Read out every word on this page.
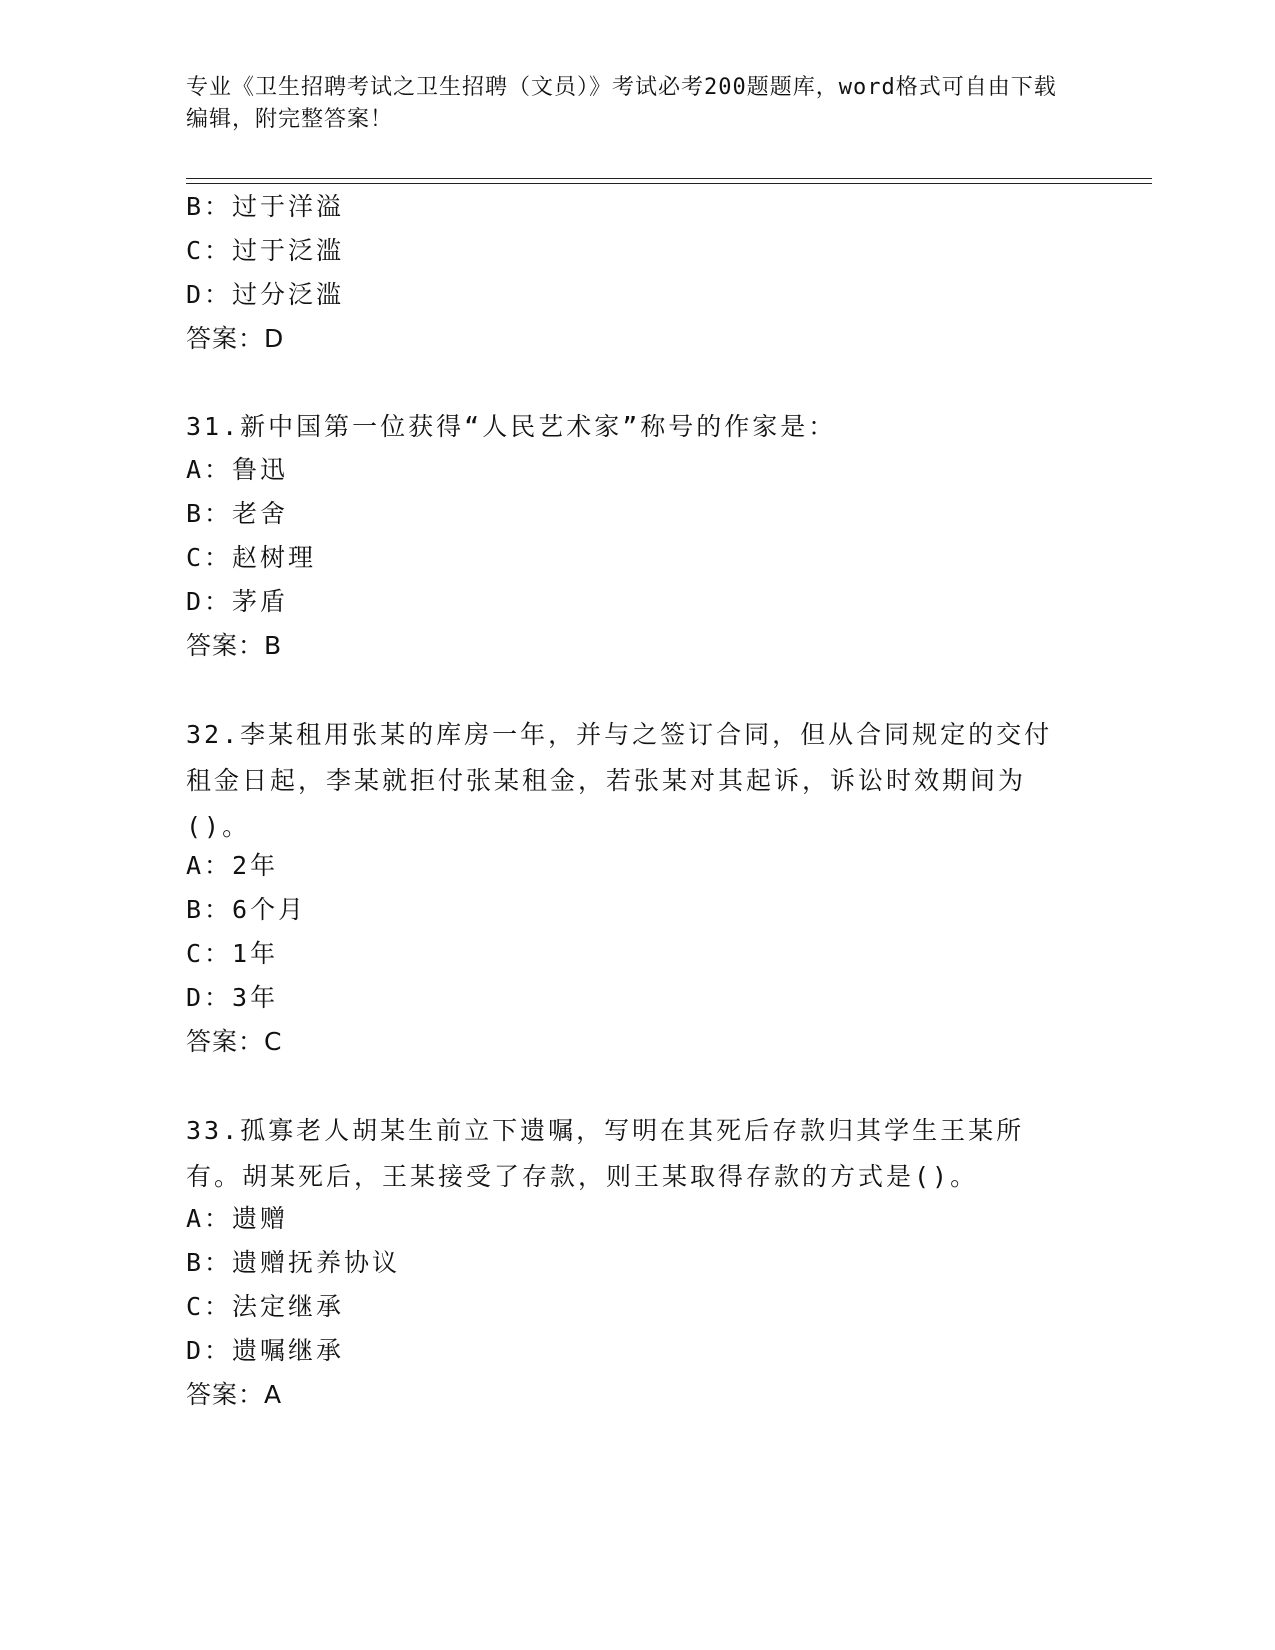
专业《卫生招聘考试之卫生招聘（文员）》考试必考200题题库，word格式可自由下载编辑，附完整答案！
B：过于洋溢
C：过于泛滥
D：过分泛滥
答案：D
31.新中国第一位获得“人民艺术家”称号的作家是：
A：鲁迅
B：老舍
C：赵树理
D：茅盾
答案：B
32.李某租用张某的库房一年，并与之签订合同，但从合同规定的交付租金日起，李某就拒付张某租金，若张某对其起诉，诉讼时效期间为()。
A：2年
B：6个月
C：1年
D：3年
答案：C
33.孤寡老人胡某生前立下遗嘱，写明在其死后存款归其学生王某所有。胡某死后，王某接受了存款，则王某取得存款的方式是()。
A：遗赠
B：遗赠抚养协议
C：法定继承
D：遗嘱继承
答案：A
